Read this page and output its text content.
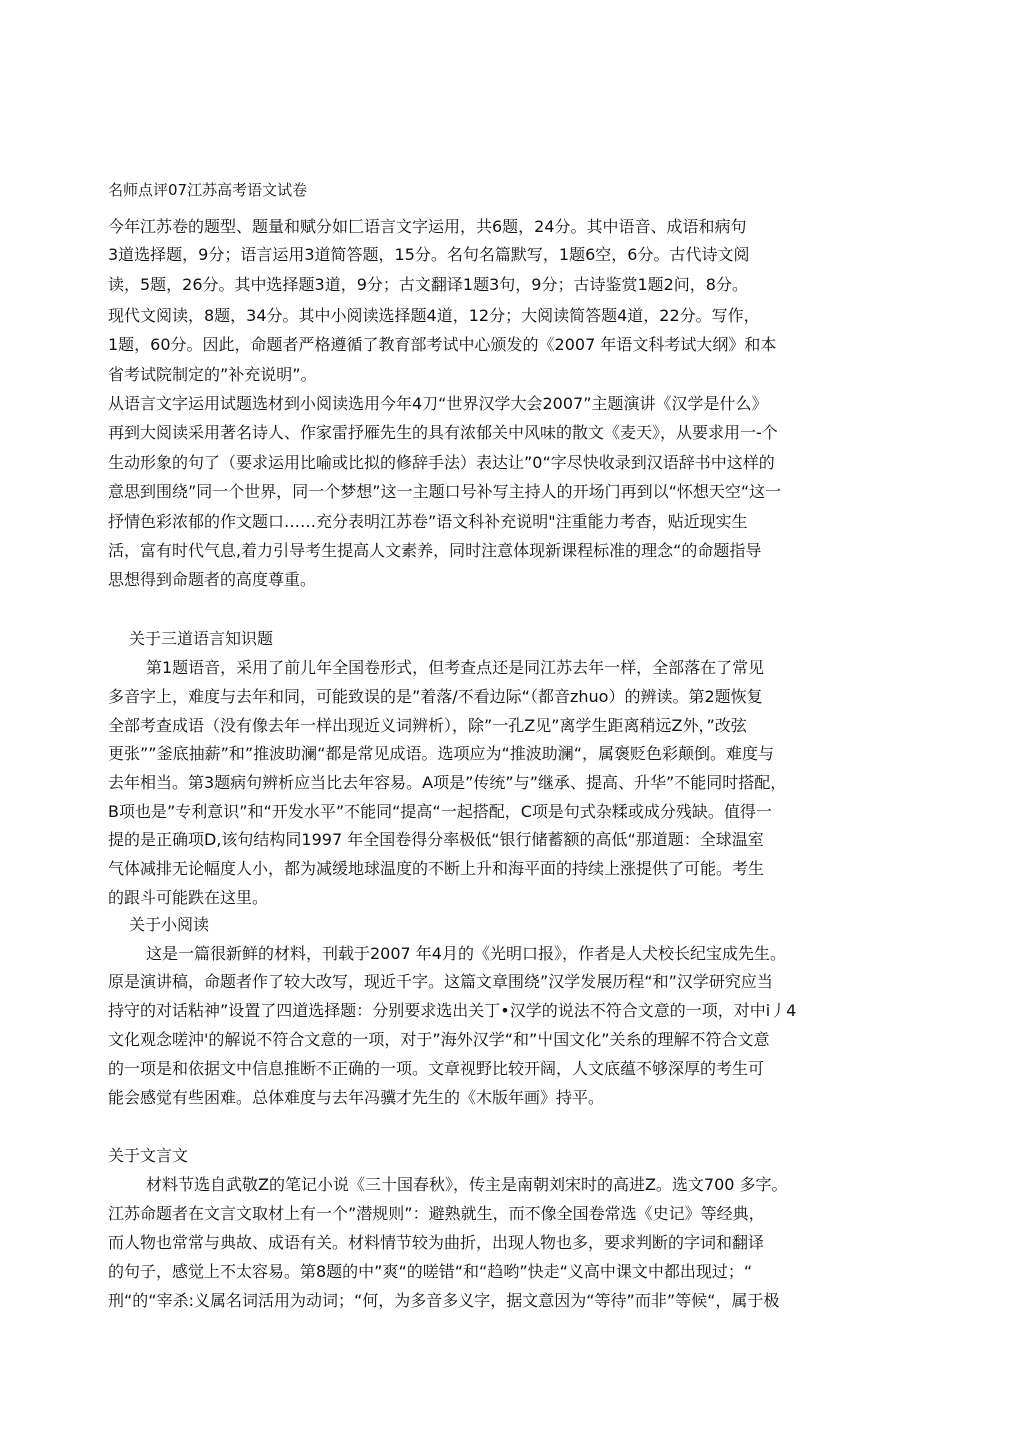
名师点评07江苏高考语文试卷
今年江苏卷的题型、题量和赋分如匚语言文字运用，共6题，24分。其中语音、成语和病句
3道选择题，9分；语言运用3道简答题，15分。名句名篇默写，1题6空，6分。古代诗文阅
读，5题，26分。其中选择题3道，9分；古文翻译1题3句，9分；古诗鉴赏1题2问，8分。
现代文阅读，8题，34分。其中小阅读选择题4道，12分；大阅读简答题4道，22分。写作，
1题，60分。因此，命题者严格遵循了教育部考试中心颁发的《2007 年语文科考试大纲》和本
省考试院制定的”补充说明”。
从语言文字运用试题选材到小阅读选用今年4刀“世界汉学大会2007”主题演讲《汉学是什么》
再到大阅读采用著名诗人、作家雷抒雁先生的具有浓郁关中风味的散文《麦天》，从要求用一-个
生动形象的句了（要求运用比喻或比拟的修辞手法）表达让”0“字尽快收录到汉语辞书中这样的
意思到围绕”同一个世界，同一个梦想”这一主题口号补写主持人的开场门再到以“怀想天空“这一
抒情色彩浓郁的作文题口……充分表明江苏卷”语文科补充说明"注重能力考杳，贴近现实生
活，富有时代气息,着力引导考生提高人文素养，同时注意体现新课程标准的理念“的命题指导
思想得到命题者的高度尊重。
关于三道语言知识题
第1题语音，采用了前儿年全国卷形式，但考查点还是同江苏去年一样，全部落在了常见
多音字上，难度与去年和同，可能致误的是”着落/不看边际“（都音zhuo）的辨读。第2题恢复
全部考查成语（没有像去年一样出现近义词辨析），除”一孔Z见”离学生距离稍远Z外，”改弦
更张””釜底抽薪”和”推波助澜“都是常见成语。选项应为“推波助澜“，属褒贬色彩颠倒。难度与
去年相当。第3题病句辨析应当比去年容易。A项是”传统”与”继承、提高、升华”不能同时搭配，
B项也是”专利意识”和“开发水平”不能同“提高“一起搭配，C项是句式杂糅或成分残缺。值得一
提的是正确项D,该句结构同1997 年全国卷得分率极低“银行储蓄额的高低“那道题：全球温室
气体减排无论幅度人小，都为减缓地球温度的不断上升和海平面的持续上涨提供了可能。考生
的跟斗可能跌在这里。
关于小阅读
这是一篇很新鲜的材料，刊载于2007 年4月的《光明口报》，作者是人犬校长纪宝成先生。
原是演讲稿，命题者作了较大改写，现近千字。这篇文章围绕”汉学发展历程“和”汉学研究应当
持守的对话粘神”设置了四道选择题：分别要求选出关丁•汉学的说法不符合文意的一项，对中i丿4
文化观念嗟沖'的解说不符合文意的一项，对于”海外汉学“和”屮国文化”关糸的理解不符合文意
的一项是和依据文中信息推断不正确的一项。文章视野比较开阔，人文底蕴不够深厚的考生可
能会感觉有些困难。总体难度与去年冯骥才先生的《木版年画》持平。
关于文言文
材料节选自武敬Z的笔记小说《三十国春秋》，传主是南朝刘宋时的高进Z。选文700 多字。
江苏命题者在文言文取材上有一个”潜规则”：避熟就生，而不像全国卷常选《史记》等经典，
而人物也常常与典故、成语有关。材料情节较为曲折，出现人物也多，要求判断的字词和翻译
的句子，感觉上不太容易。第8题的中”爽“的嗟错“和“趋哟”快走“义高中课文中都出现过；“
刑“的“宰杀:义属名词活用为动词；“何，为多音多义字，据文意因为“等待”而非”等候“，属于极
